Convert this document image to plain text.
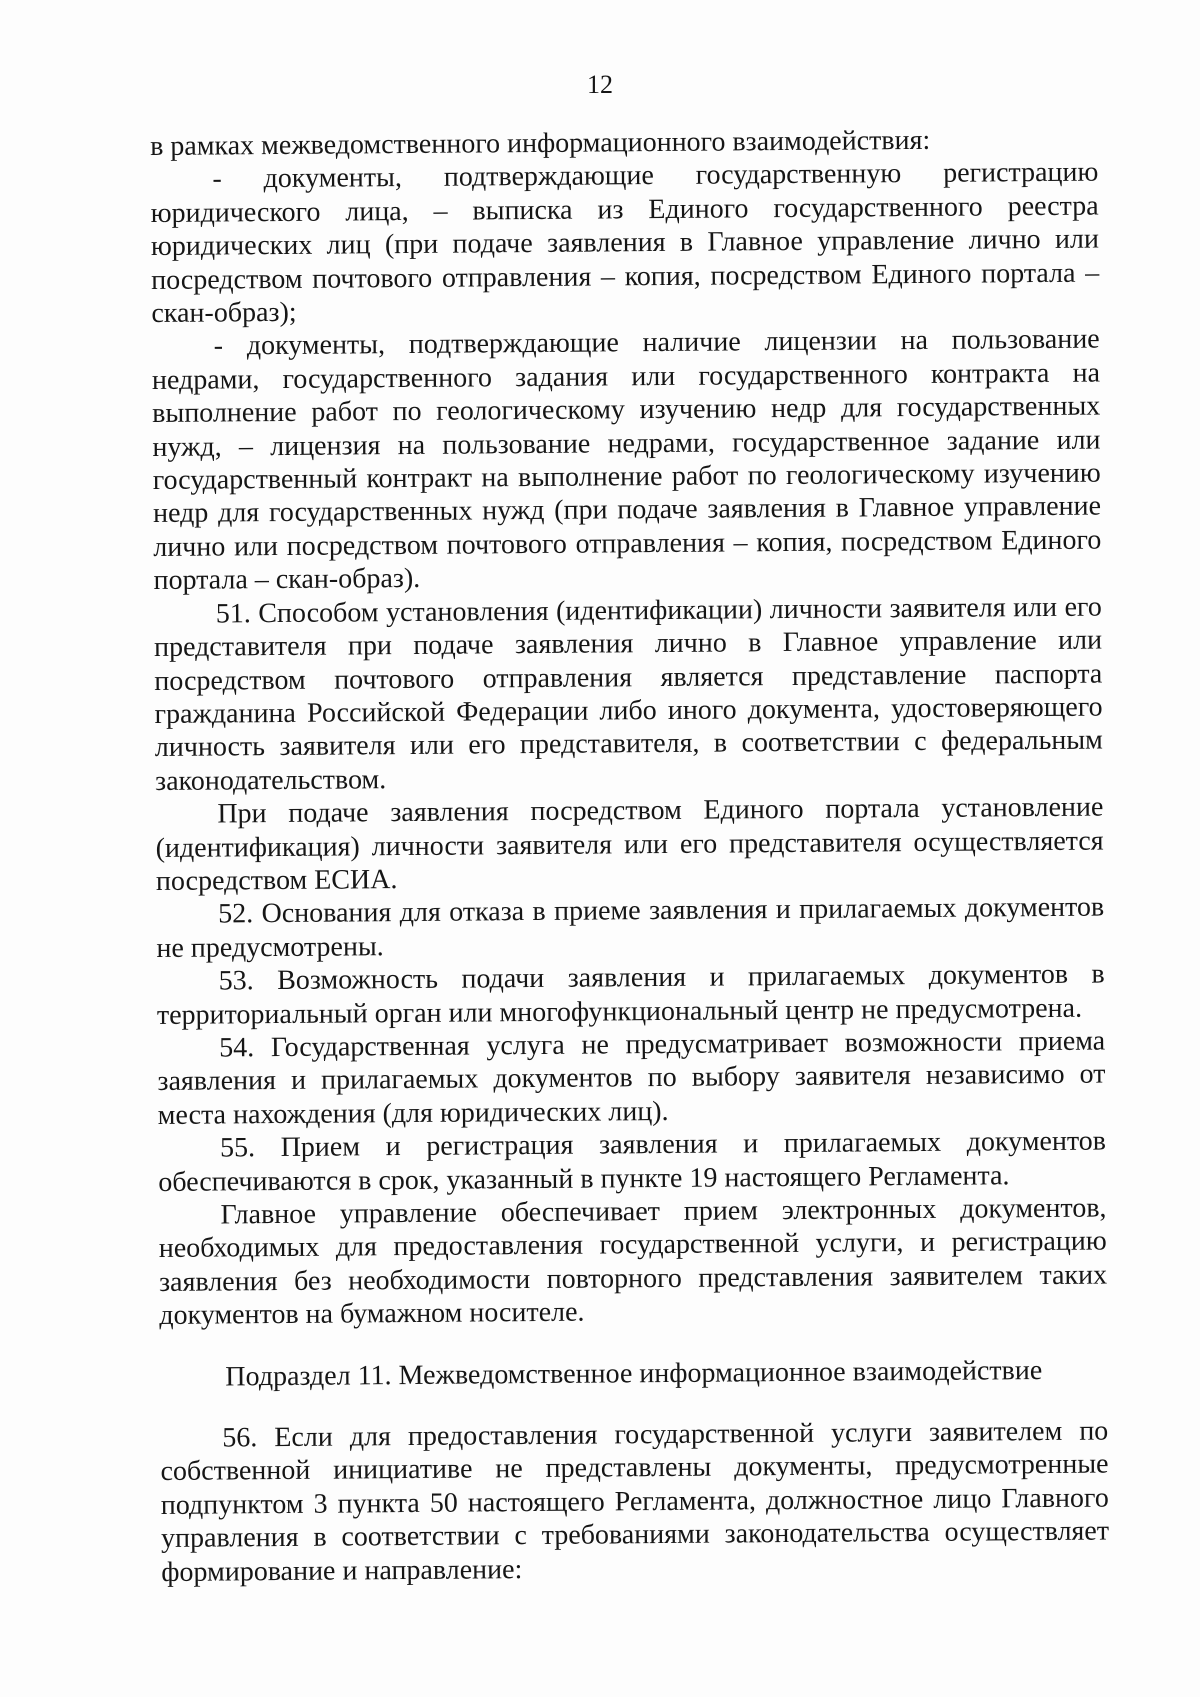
12

в рамках межведомственного информационного взаимодействия:

- документы, подтверждающие государственную регистрацию юридического лица, – выписка из Единого государственного реестра юридических лиц (при подаче заявления в Главное управление лично или посредством почтового отправления – копия, посредством Единого портала – скан-образ);

- документы, подтверждающие наличие лицензии на пользование недрами, государственного задания или государственного контракта на выполнение работ по геологическому изучению недр для государственных нужд, – лицензия на пользование недрами, государственное задание или государственный контракт на выполнение работ по геологическому изучению недр для государственных нужд (при подаче заявления в Главное управление лично или посредством почтового отправления – копия, посредством Единого портала – скан-образ).

51. Способом установления (идентификации) личности заявителя или его представителя при подаче заявления лично в Главное управление или посредством почтового отправления является представление паспорта гражданина Российской Федерации либо иного документа, удостоверяющего личность заявителя или его представителя, в соответствии с федеральным законодательством.

При подаче заявления посредством Единого портала установление (идентификация) личности заявителя или его представителя осуществляется посредством ЕСИА.

52. Основания для отказа в приеме заявления и прилагаемых документов не предусмотрены.

53. Возможность подачи заявления и прилагаемых документов в территориальный орган или многофункциональный центр не предусмотрена.

54. Государственная услуга не предусматривает возможности приема заявления и прилагаемых документов по выбору заявителя независимо от места нахождения (для юридических лиц).

55. Прием и регистрация заявления и прилагаемых документов обеспечиваются в срок, указанный в пункте 19 настоящего Регламента.

Главное управление обеспечивает прием электронных документов, необходимых для предоставления государственной услуги, и регистрацию заявления без необходимости повторного представления заявителем таких документов на бумажном носителе.

Подраздел 11. Межведомственное информационное взаимодействие

56. Если для предоставления государственной услуги заявителем по собственной инициативе не представлены документы, предусмотренные подпунктом 3 пункта 50 настоящего Регламента, должностное лицо Главного управления в соответствии с требованиями законодательства осуществляет формирование и направление:
